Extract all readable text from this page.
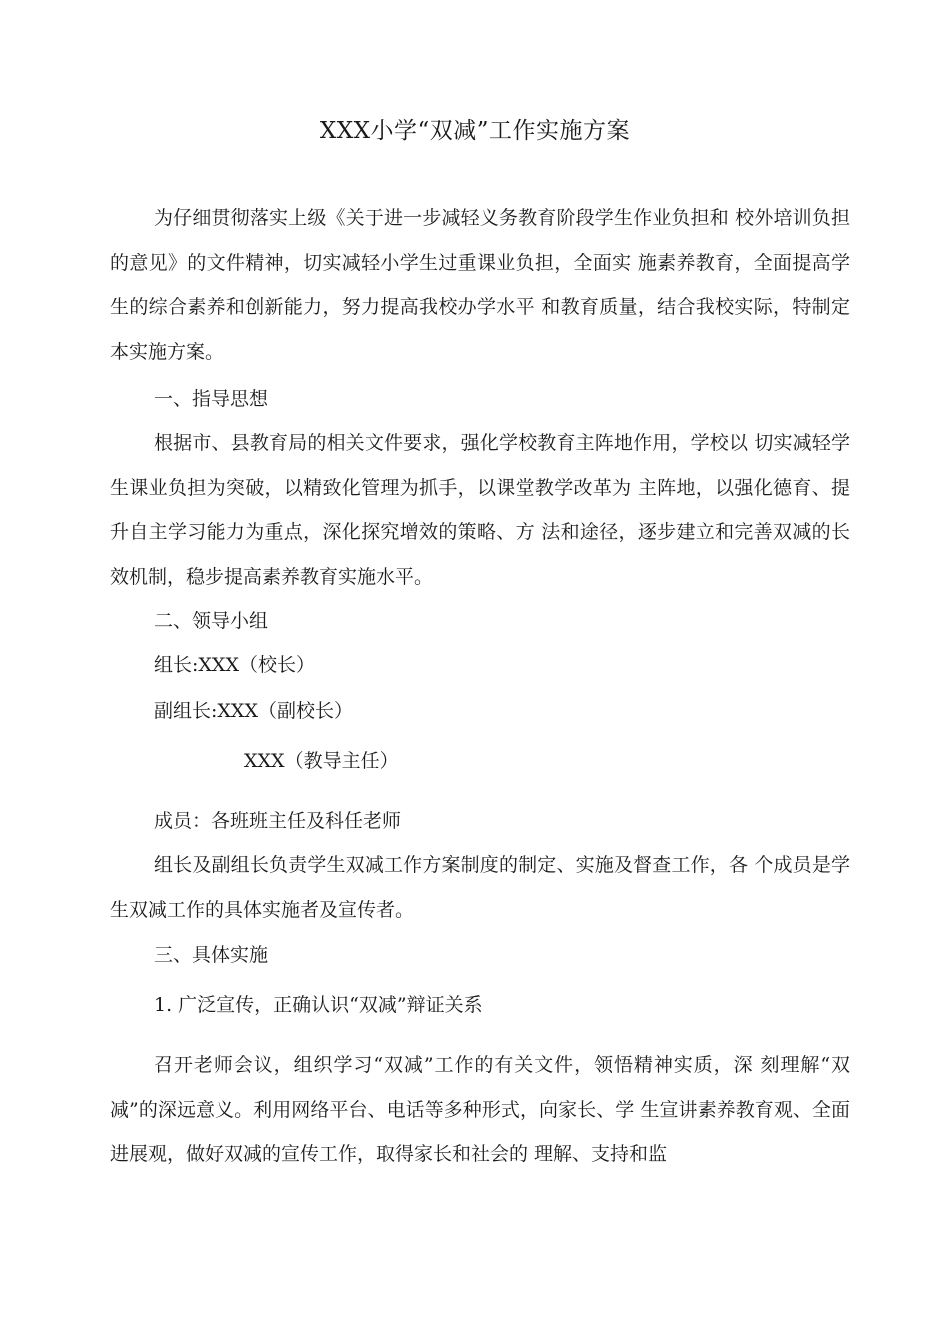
XXX小学“双减”工作实施方案

为仔细贯彻落实上级《关于进一步减轻义务教育阶段学生作业负担和 校外培训负担的意见》的文件精神，切实减轻小学生过重课业负担，全面实 施素养教育，全面提高学生的综合素养和创新能力，努力提高我校办学水平 和教育质量，结合我校实际，特制定本实施方案。

一、指导思想

根据市、县教育局的相关文件要求，强化学校教育主阵地作用，学校以 切实减轻学生课业负担为突破，以精致化管理为抓手，以课堂教学改革为 主阵地，以强化德育、提升自主学习能力为重点，深化探究增效的策略、方 法和途径，逐步建立和完善双减的长效机制，稳步提高素养教育实施水平。

二、领导小组
组长:XXX（校长）
副组长:XXX（副校长）
XXX（教导主任）
成员：各班班主任及科任老师

组长及副组长负责学生双减工作方案制度的制定、实施及督查工作，各 个成员是学生双减工作的具体实施者及宣传者。

三、具体实施
1. 广泛宣传，正确认识“双减”辩证关系

召开老师会议，组织学习“双减”工作的有关文件，领悟精神实质，深 刻理解“双减”的深远意义。利用网络平台、电话等多种形式，向家长、学 生宣讲素养教育观、全面进展观，做好双减的宣传工作，取得家长和社会的 理解、支持和监
